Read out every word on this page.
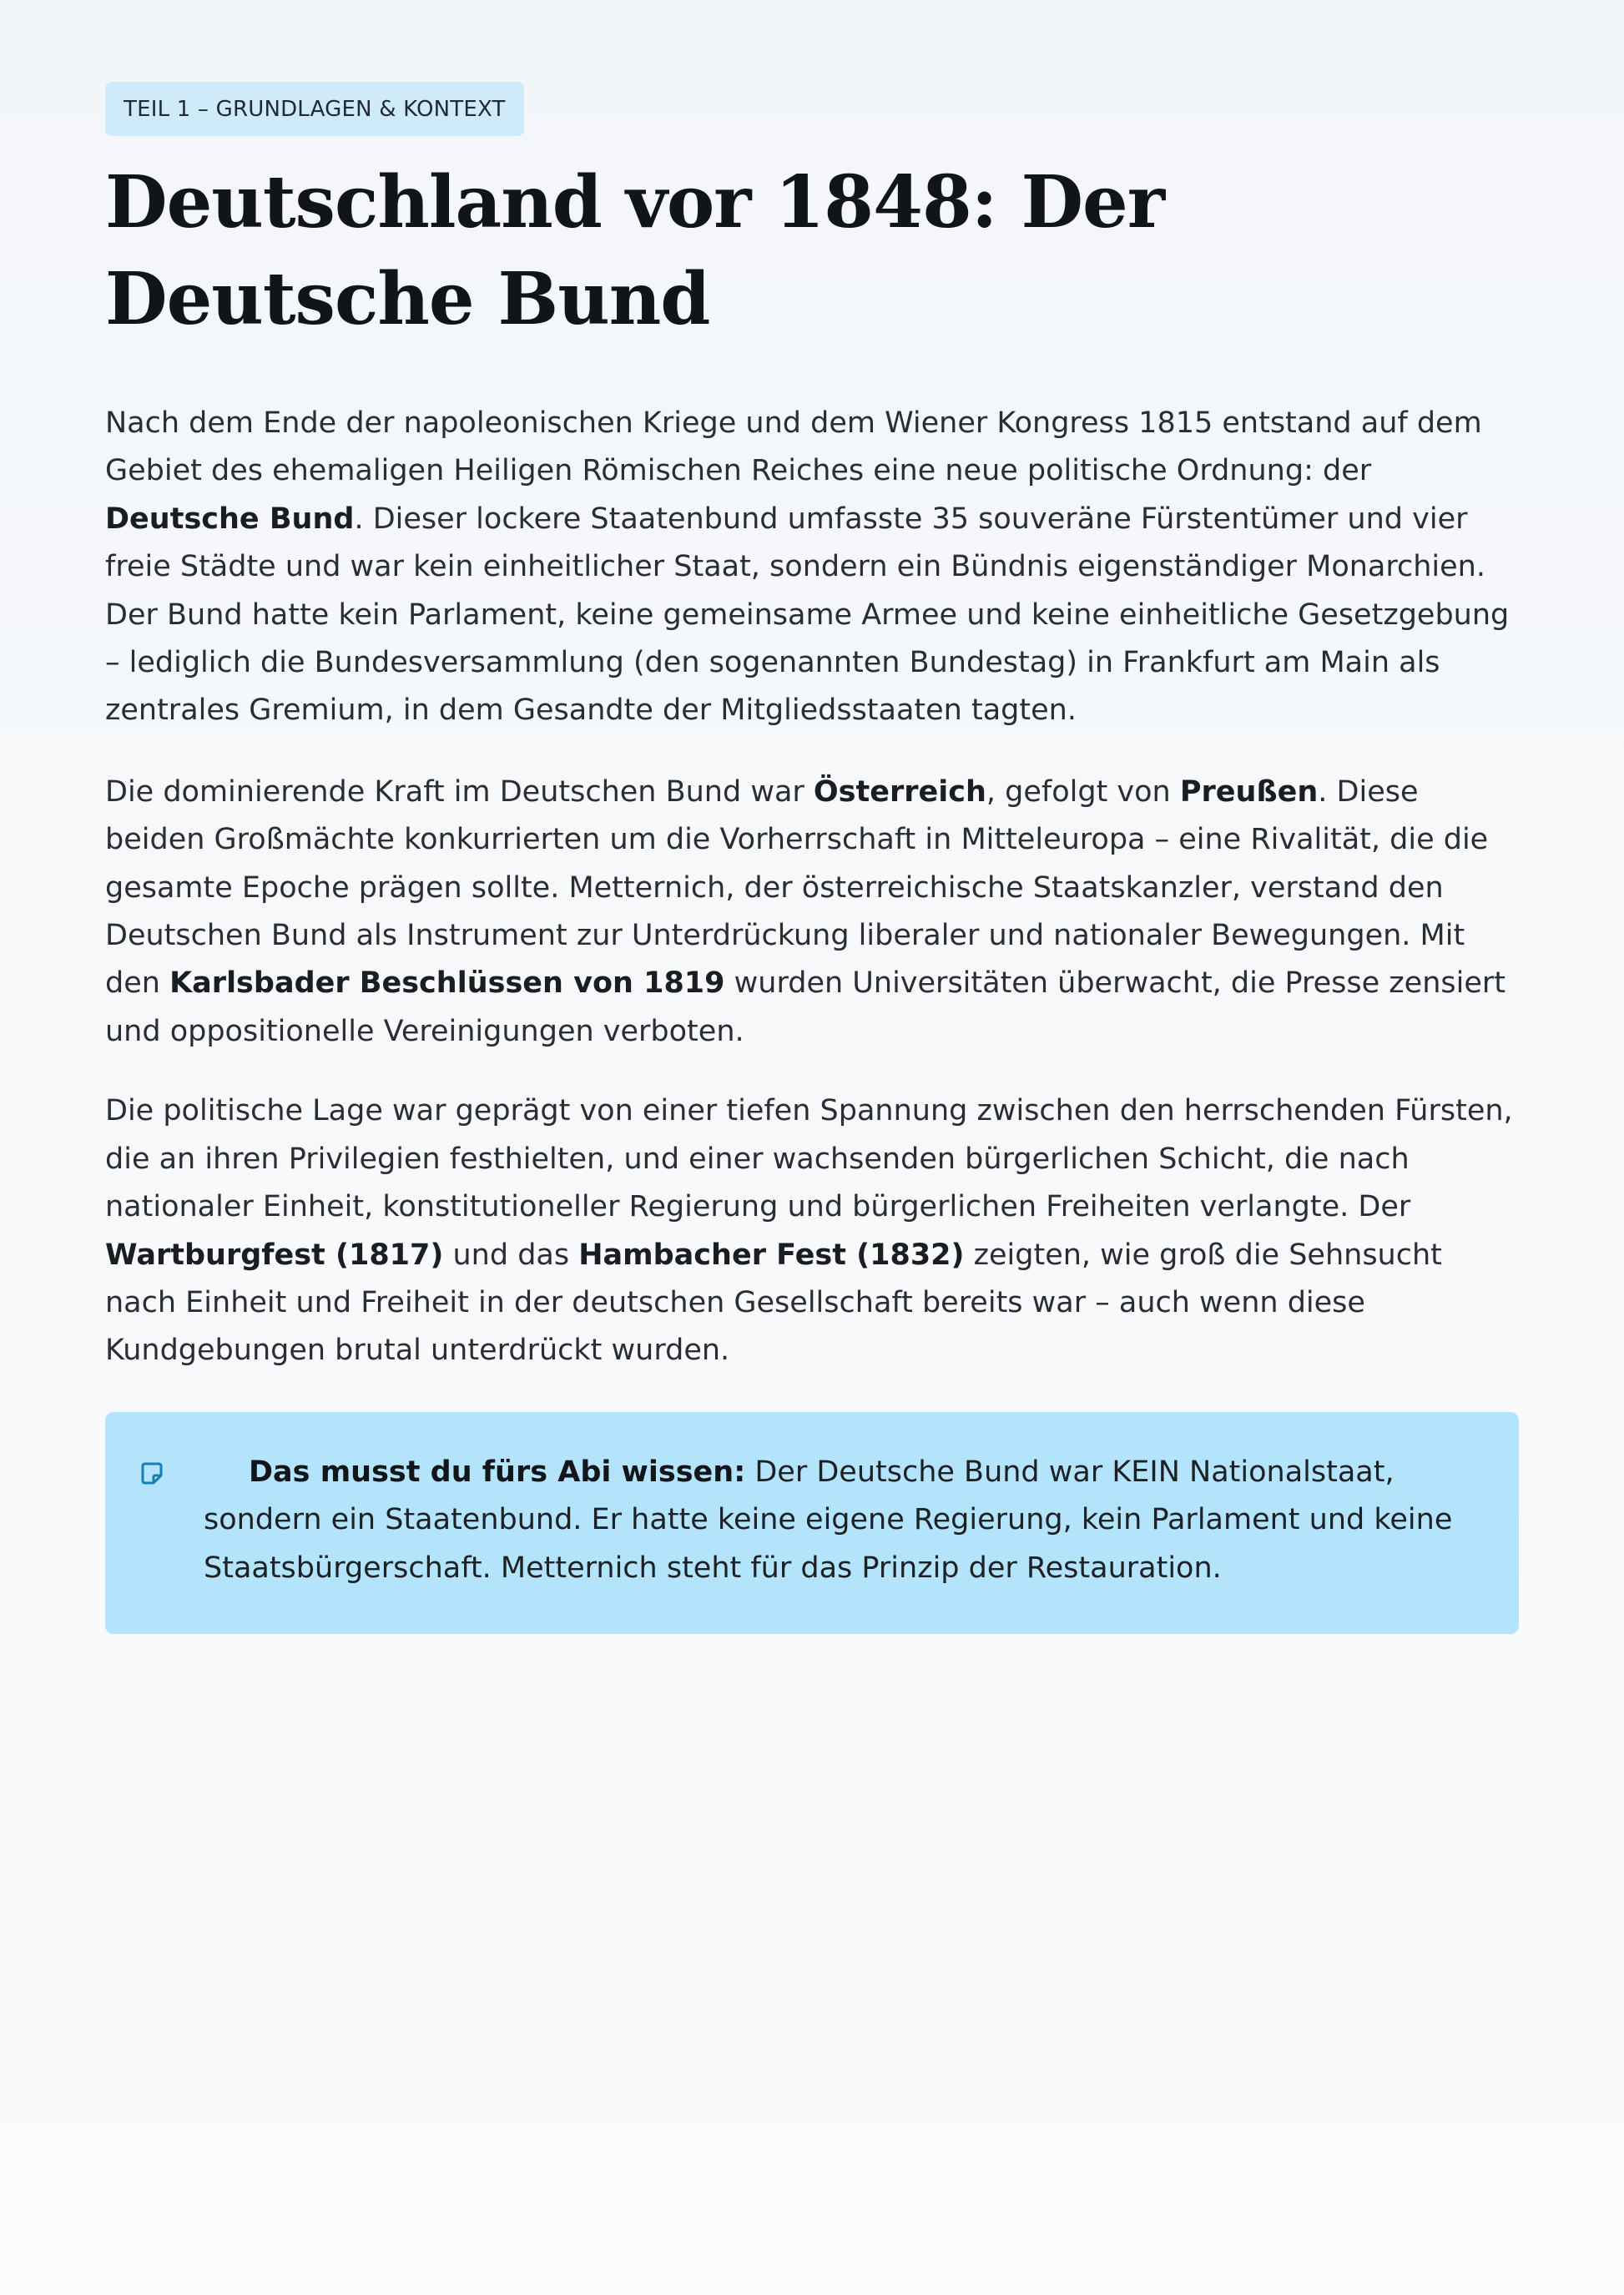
TEIL 1 – GRUNDLAGEN & KONTEXT
Deutschland vor 1848: Der Deutsche Bund

Nach dem Ende der napoleonischen Kriege und dem Wiener Kongress 1815 entstand auf dem Gebiet des ehemaligen Heiligen Römischen Reiches eine neue politische Ordnung: der Deutsche Bund. Dieser lockere Staatenbund umfasste 35 souveräne Fürstentümer und vier freie Städte und war kein einheitlicher Staat, sondern ein Bündnis eigenständiger Monarchien. Der Bund hatte kein Parlament, keine gemeinsame Armee und keine einheitliche Gesetzgebung – lediglich die Bundesversammlung (den sogenannten Bundestag) in Frankfurt am Main als zentrales Gremium, in dem Gesandte der Mitgliedsstaaten tagten.

Die dominierende Kraft im Deutschen Bund war Österreich, gefolgt von Preußen. Diese beiden Großmächte konkurrierten um die Vorherrschaft in Mitteleuropa – eine Rivalität, die die gesamte Epoche prägen sollte. Metternich, der österreichische Staatskanzler, verstand den Deutschen Bund als Instrument zur Unterdrückung liberaler und nationaler Bewegungen. Mit den Karlsbader Beschlüssen von 1819 wurden Universitäten überwacht, die Presse zensiert und oppositionelle Vereinigungen verboten.

Die politische Lage war geprägt von einer tiefen Spannung zwischen den herrschenden Fürsten, die an ihren Privilegien festhielten, und einer wachsenden bürgerlichen Schicht, die nach nationaler Einheit, konstitutioneller Regierung und bürgerlichen Freiheiten verlangte. Der Wartburgfest (1817) und das Hambacher Fest (1832) zeigten, wie groß die Sehnsucht nach Einheit und Freiheit in der deutschen Gesellschaft bereits war – auch wenn diese Kundgebungen brutal unterdrückt wurden.

Das musst du fürs Abi wissen: Der Deutsche Bund war KEIN Nationalstaat, sondern ein Staatenbund. Er hatte keine eigene Regierung, kein Parlament und keine Staatsbürgerschaft. Metternich steht für das Prinzip der Restauration.
